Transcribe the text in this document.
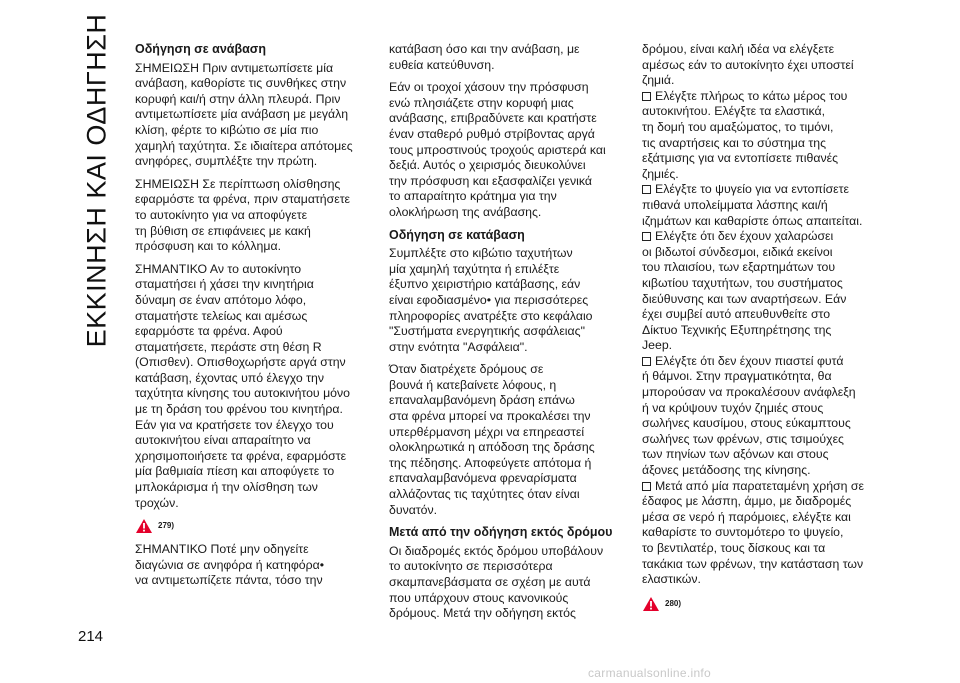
ΕΚΚΙΝΗΣΗ ΚΑΙ ΟΔΗΓΗΣΗ Οδήγηση σε ανάβαση

ΣΗΜΕΙΩΣΗ Πριν αντιμετωπίσετε μία
ανάβαση, καθορίστε τις συνθήκες στην
κορυφή και/ή στην άλλη πλευρά. Πριν
αντιμετωπίσετε μία ανάβαση με μεγάλη
κλίση, φέρτε το κιβώτιο σε μία πιο
χαμηλή ταχύτητα. Σε ιδιαίτερα απότομες
ανηφόρες, συμπλέξτε την πρώτη.

ΣΗΜΕΙΩΣΗ Σε περίπτωση ολίσθησης
εφαρμόστε τα φρένα, πριν σταματήσετε
το αυτοκίνητο για να αποφύγετε
τη βύθιση σε επιφάνειες με κακή
πρόσφυση και το κόλλημα.

ΣΗΜΑΝΤΙΚΟ Αν το αυτοκίνητο
σταματήσει ή χάσει την κινητήρια
δύναμη σε έναν απότομο λόφο,
σταματήστε τελείως και αμέσως
εφαρμόστε τα φρένα. Αφού
σταματήσετε, περάστε στη θέση R
(Οπισθεν). Οπισθοχωρήστε αργά στην
κατάβαση, έχοντας υπό έλεγχο την
ταχύτητα κίνησης του αυτοκινήτου μόνο
με τη δράση του φρένου του κινητήρα.
Εάν για να κρατήσετε τον έλεγχο του
αυτοκινήτου είναι απαραίτητο να
χρησιμοποιήσετε τα φρένα, εφαρμόστε
μία βαθμιαία πίεση και αποφύγετε το
μπλοκάρισμα ή την ολίσθηση των
τροχών.

279)

ΣΗΜΑΝΤΙΚΟ Ποτέ μην οδηγείτε
διαγώνια σε ανηφόρα ή κατηφόρα•
να αντιμετωπίζετε πάντα, τόσο την

κατάβαση όσο και την ανάβαση, με
ευθεία κατεύθυνση.

Εάν οι τροχοί χάσουν την πρόσφυση
ενώ πλησιάζετε στην κορυφή μιας
ανάβασης, επιβραδύνετε και κρατήστε
έναν σταθερό ρυθμό στρίβοντας αργά
τους μπροστινούς τροχούς αριστερά και
δεξιά. Αυτός ο χειρισμός διευκολύνει
την πρόσφυση και εξασφαλίζει γενικά
το απαραίτητο κράτημα για την
ολοκλήρωση της ανάβασης.

Οδήγηση σε κατάβαση

Συμπλέξτε στο κιβώτιο ταχυτήτων
μία χαμηλή ταχύτητα ή επιλέξτε
έξυπνο χειριστήριο κατάβασης, εάν
είναι εφοδιασμένο• για περισσότερες
πληροφορίες ανατρέξτε στο κεφάλαιο
"Συστήματα ενεργητικής ασφάλειας"
στην ενότητα "Ασφάλεια".

Όταν διατρέχετε δρόμους σε
βουνά ή κατεβαίνετε λόφους, η
επαναλαμβανόμενη δράση επάνω
στα φρένα μπορεί να προκαλέσει την
υπερθέρμανση μέχρι να επηρεαστεί
ολοκληρωτικά η απόδοση της δράσης
της πέδησης. Αποφεύγετε απότομα ή
επαναλαμβανόμενα φρεναρίσματα
αλλάζοντας τις ταχύτητες όταν είναι
δυνατόν.

Μετά από την οδήγηση εκτός δρόμου

Οι διαδρομές εκτός δρόμου υποβάλουν
το αυτοκίνητο σε περισσότερα
σκαμπανεβάσματα σε σχέση με αυτά
που υπάρχουν στους κανονικούς
δρόμους. Μετά την οδήγηση εκτός

δρόμου, είναι καλή ιδέα να ελέγξετε
αμέσως εάν το αυτοκίνητο έχει υποστεί
ζημιά.

Ελέγξτε πλήρως το κάτω μέρος του
αυτοκινήτου. Ελέγξτε τα ελαστικά,
τη δομή του αμαξώματος, το τιμόνι,
τις αναρτήσεις και το σύστημα της
εξάτμισης για να εντοπίσετε πιθανές
ζημιές.
Ελέγξτε το ψυγείο για να εντοπίσετε
πιθανά υπολείμματα λάσπης και/ή
ιζημάτων και καθαρίστε όπως απαιτείται.
Ελέγξτε ότι δεν έχουν χαλαρώσει
οι βιδωτοί σύνδεσμοι, ειδικά εκείνοι
του πλαισίου, των εξαρτημάτων του
κιβωτίου ταχυτήτων, του συστήματος
διεύθυνσης και των αναρτήσεων. Εάν
έχει συμβεί αυτό απευθυνθείτε στο
Δίκτυο Τεχνικής Εξυπηρέτησης της
Jeep.
Ελέγξτε ότι δεν έχουν πιαστεί φυτά
ή θάμνοι. Στην πραγματικότητα, θα
μπορούσαν να προκαλέσουν ανάφλεξη
ή να κρύψουν τυχόν ζημιές στους
σωλήνες καυσίμου, στους εύκαμπτους
σωλήνες των φρένων, στις τσιμούχες
των πηνίων των αξόνων και στους
άξονες μετάδοσης της κίνησης.
Μετά από μία παρατεταμένη χρήση σε
έδαφος με λάσπη, άμμο, με διαδρομές
μέσα σε νερό ή παρόμοιες, ελέγξτε και
καθαρίστε το συντομότερο το ψυγείο,
το βεντιλατέρ, τους δίσκους και τα
τακάκια των φρένων, την κατάσταση των
ελαστικών.
280)
214
carmanualsonline.info
